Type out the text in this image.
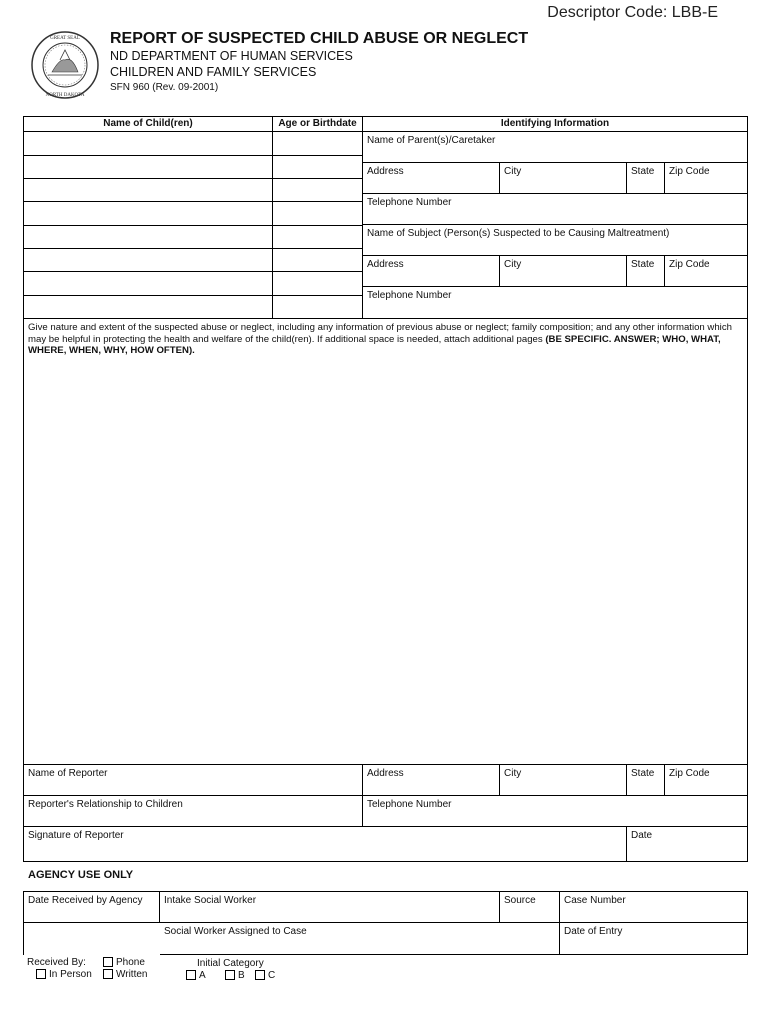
Descriptor Code: LBB-E
GREAT SEAL
NORTH DAKOTA
REPORT OF SUSPECTED CHILD ABUSE OR NEGLECT
ND DEPARTMENT OF HUMAN SERVICES
CHILDREN AND FAMILY SERVICES
SFN 960 (Rev. 09-2001)
Name of Child(ren)	Age or Birthdate	Identifying Information
Name of Parent(s)/Caretaker
Address	City	State	Zip Code
Telephone Number
Name of Subject (Person(s) Suspected to be Causing Maltreatment)
Address	City	State	Zip Code
Telephone Number
Give nature and extent of the suspected abuse or neglect, including any information of previous abuse or neglect; family composition; and any other information which may be helpful in protecting the health and welfare of the child(ren). If additional space is needed, attach additional pages (BE SPECIFIC. ANSWER; WHO, WHAT, WHERE, WHEN, WHY, HOW OFTEN).
Name of Reporter	Address	City	State	Zip Code
Reporter's Relationship to Children	Telephone Number
Signature of Reporter	Date
AGENCY USE ONLY
Date Received by Agency	Intake Social Worker	Source	Case Number
Social Worker Assigned to Case	Date of Entry
Received By:	Phone
In Person	Written
Initial Category
A	B	C
